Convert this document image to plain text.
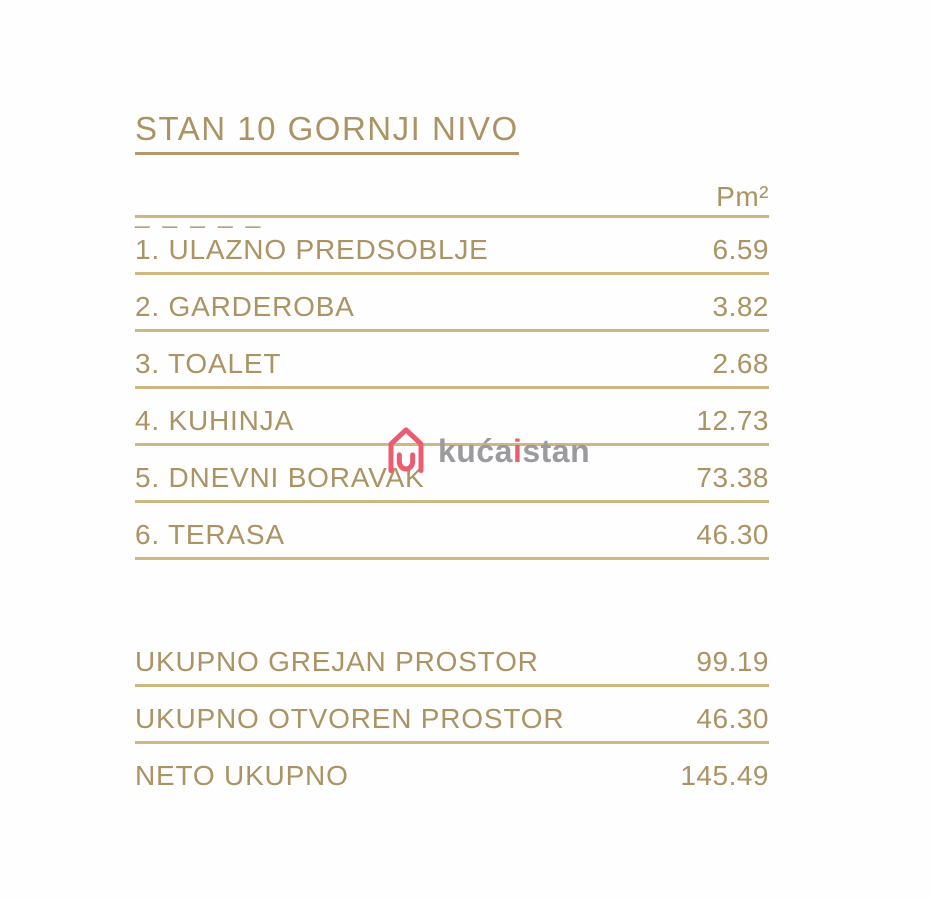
STAN 10 GORNJI NIVO
_ _ _ _ _
Pm²
1. ULAZNO PREDSOBLJE	6.59
2. GARDEROBA	3.82
3. TOALET	2.68
4. KUHINJA	12.73
5. DNEVNI BORAVAK	73.38
6. TERASA	46.30
UKUPNO GREJAN PROSTOR	99.19
UKUPNO OTVOREN PROSTOR	46.30
NETO UKUPNO	145.49
kućaistan
